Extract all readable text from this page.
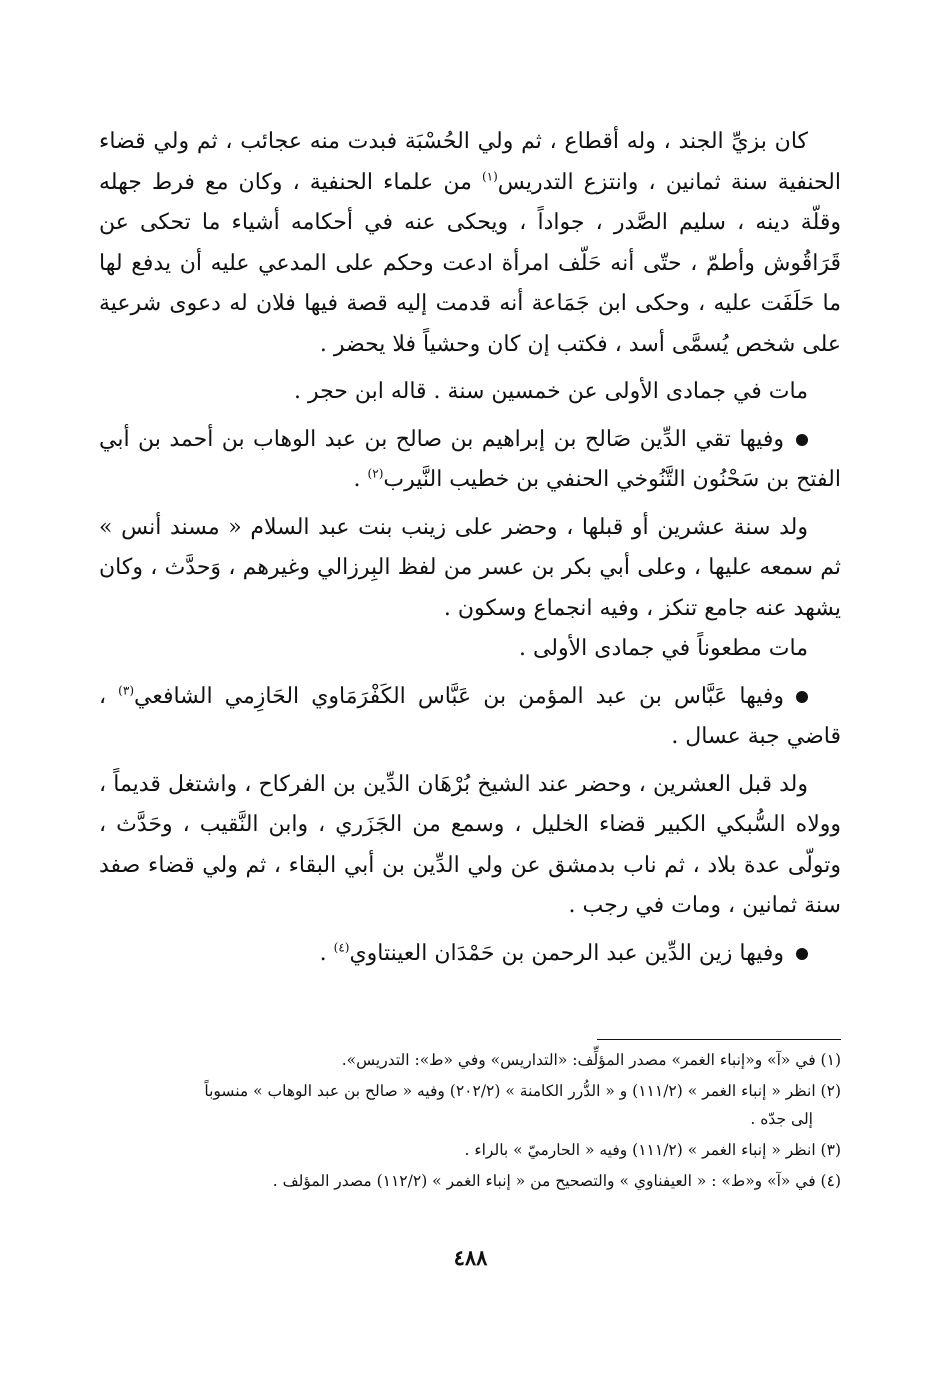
كان بزيِّ الجند ، وله أقطاع ، ثم ولي الحُسْبَة فبدت منه عجائب ، ثم ولي قضاء الحنفية سنة ثمانين ، وانتزع التدريس$^{(١)}$ من علماء الحنفية ، وكان مع فرط جهله وقلّة دينه ، سليم الصَّدر ، جواداً ، ويحكى عنه في أحكامه أشياء ما تحكى عن قَرَاقُوش وأطمّ ، حتّى أنه حَلّف امرأة ادعت وحكم على المدعي عليه أن يدفع لها ما حَلَفَت عليه ، وحكى ابن جَمَاعة أنه قدمت إليه قصة فيها فلان له دعوى شرعية على شخص يُسمَّى أسد ، فكتب إن كان وحشياً فلا يحضر .

مات في جمادى الأولى عن خمسين سنة . قاله ابن حجر .

وفيها تقي الدِّين صَالح بن إبراهيم بن صالح بن عبد الوهاب بن أحمد بن أبي الفتح بن سَحْنُون التَّنُوخي الحنفي بن خطيب النَّيرب$^{(٢)}$ .

ولد سنة عشرين أو قبلها ، وحضر على زينب بنت عبد السلام « مسند أنس » ثم سمعه عليها ، وعلى أبي بكر بن عسر من لفظ البِرزالي وغيرهم ، وَحدَّث ، وكان يشهد عنه جامع تنكز ، وفيه انجماع وسكون .

مات مطعوناً في جمادى الأولى .

وفيها عَبَّاس بن عبد المؤمن بن عَبَّاس الكَفْرَمَاوي الحَازِمي الشافعي$^{(٣)}$ ، قاضي جبة عسال .

ولد قبل العشرين ، وحضر عند الشيخ بُرْهَان الدِّين بن الفركاح ، واشتغل قديماً ، وولاه السُّبكي الكبير قضاء الخليل ، وسمع من الجَزَري ، وابن النَّقيب ، وحَدَّث ، وتولّى عدة بلاد ، ثم ناب بدمشق عن ولي الدِّين بن أبي البقاء ، ثم ولي قضاء صفد سنة ثمانين ، ومات في رجب .

وفيها زين الدِّين عبد الرحمن بن حَمْدَان العينتاوي$^{(٤)}$ .

(١) في «آ» و«إنباء الغمر» مصدر المؤلِّف: «التداريس» وفي «ط»: التدريس».

(٢) انظر « إنباء الغمر » (١١١/٢) و « الدُّرر الكامنة » (٢٠٢/٢) وفيه « صالح بن عبد الوهاب » منسوباً
إلى جدّه .

(٣) انظر « إنباء الغمر » (١١١/٢) وفيه « الحارميّ » بالراء .

(٤) في «آ» و«ط» : « العيفناوي » والتصحيح من « إنباء الغمر » (١١٢/٢) مصدر المؤلف .

٤٨٨
